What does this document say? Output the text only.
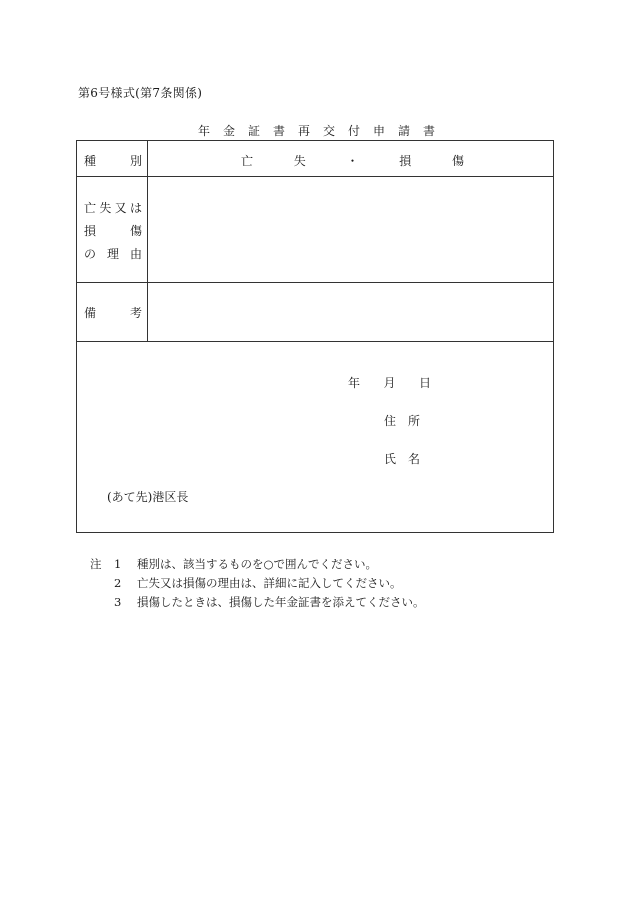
第6号様式(第7条関係)
年金証書再交付申請書
種	別	亡	失	・	損	傷
亡 失 又 は
損	傷
の 理 由
備	考
年 月 日
住 所
氏 名
(あて先)港区長
注	1	種別は、該当するものを○で囲んでください。
2	亡失又は損傷の理由は、詳細に記入してください。
3	損傷したときは、損傷した年金証書を添えてください。
